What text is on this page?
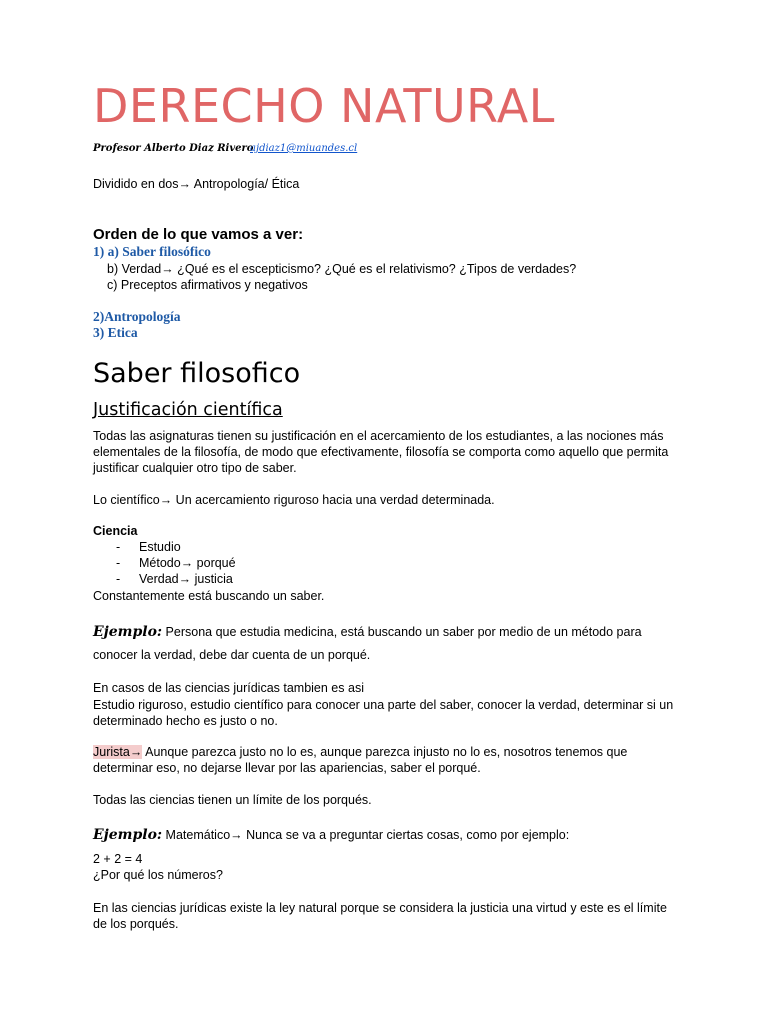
DERECHO NATURAL
Profesor Alberto Diaz Rivero
ajdiaz1@miuandes.cl
Dividido en dos→ Antropología/ Ética
Orden de lo que vamos a ver:
1) a) Saber filosófico
b) Verdad→ ¿Qué es el escepticismo? ¿Qué es el relativismo? ¿Tipos de verdades?
c) Preceptos afirmativos y negativos
2)Antropología
3) Etica
Saber filosofico
Justificación científica
Todas las asignaturas tienen su justificación en el acercamiento de los estudiantes, a las nociones más elementales de la filosofía, de modo que efectivamente, filosofía se comporta como aquello que permita justificar cualquier otro tipo de saber.
Lo científico→ Un acercamiento riguroso hacia una verdad determinada.
Ciencia
- Estudio
- Método→ porqué
- Verdad→ justicia
Constantemente está buscando un saber.
Ejemplo: Persona que estudia medicina, está buscando un saber por medio de un método para
conocer la verdad, debe dar cuenta de un porqué.
En casos de las ciencias jurídicas tambien es asi
Estudio riguroso, estudio científico para conocer una parte del saber, conocer la verdad, determinar si un determinado hecho es justo o no.
Jurista→ Aunque parezca justo no lo es, aunque parezca injusto no lo es, nosotros tenemos que determinar eso, no dejarse llevar por las apariencias, saber el porqué.
Todas las ciencias tienen un límite de los porqués.
Ejemplo: Matemático→ Nunca se va a preguntar ciertas cosas, como por ejemplo:
2 + 2 = 4
¿Por qué los números?
En las ciencias jurídicas existe la ley natural porque se considera la justicia una virtud y este es el límite de los porqués.
